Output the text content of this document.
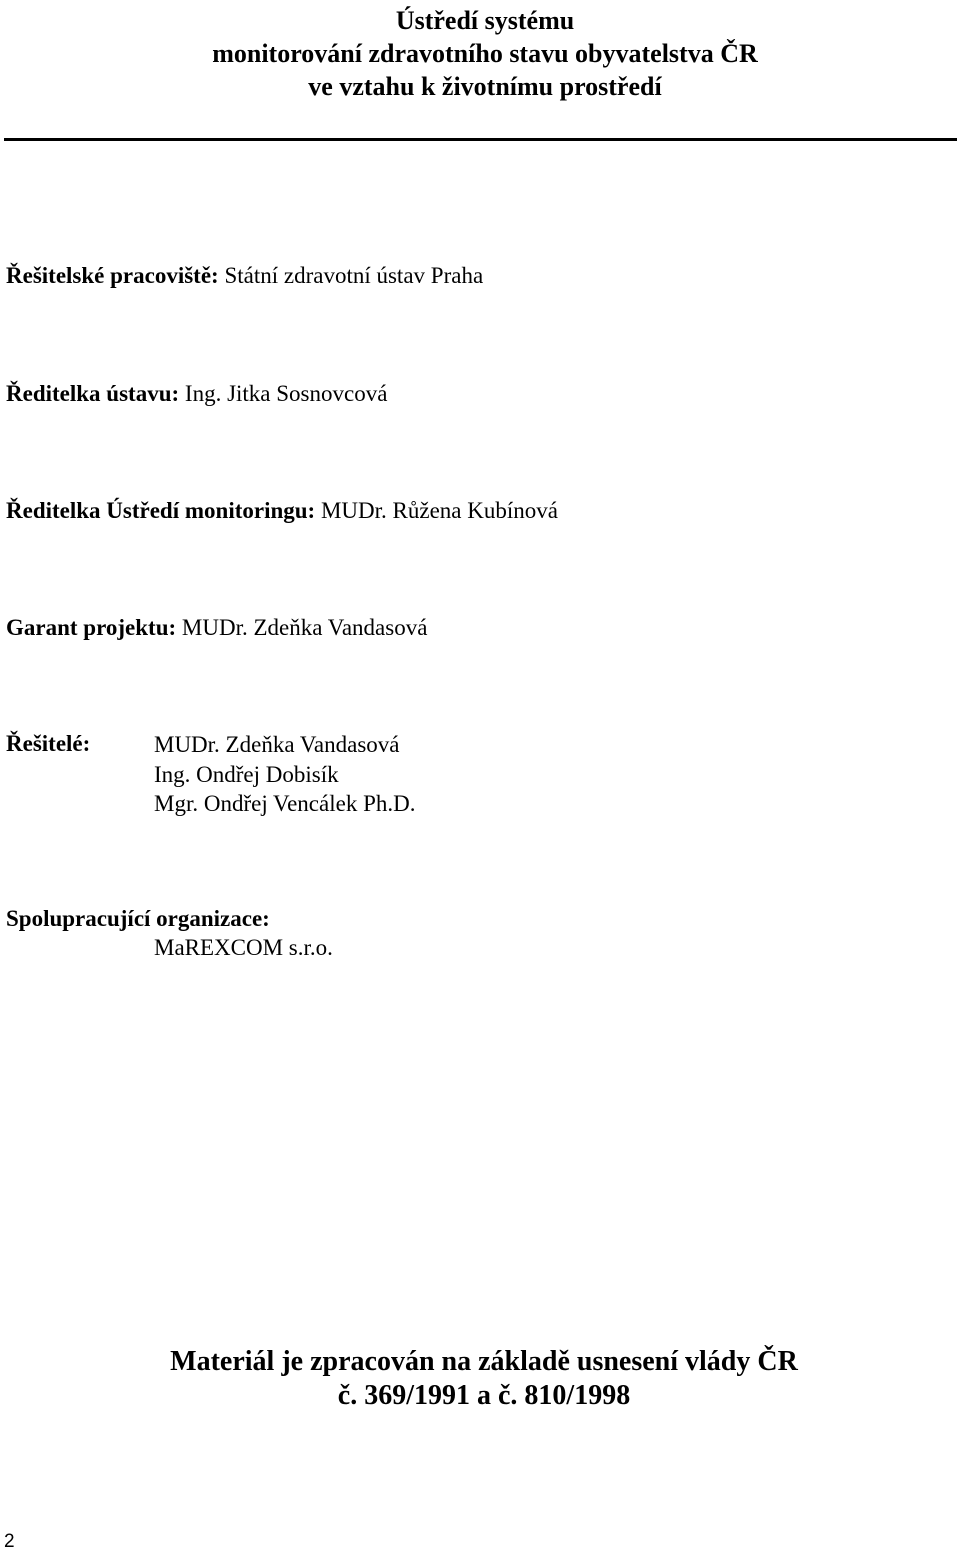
Ústředí systému
monitorování zdravotního stavu obyvatelstva ČR
ve vztahu k životnímu prostředí
Řešitelské pracoviště: Státní zdravotní ústav Praha
Ředitelka ústavu: Ing. Jitka Sosnovcová
Ředitelka Ústředí monitoringu: MUDr. Růžena Kubínová
Garant projektu: MUDr. Zdeňka Vandasová
Řešitelé:	MUDr. Zdeňka Vandasová
Ing. Ondřej Dobisík
Mgr. Ondřej Vencálek Ph.D.
Spolupracující organizace:
MaREXCOM s.r.o.
Materiál je zpracován na základě usnesení vlády ČR
č. 369/1991 a č. 810/1998
2
